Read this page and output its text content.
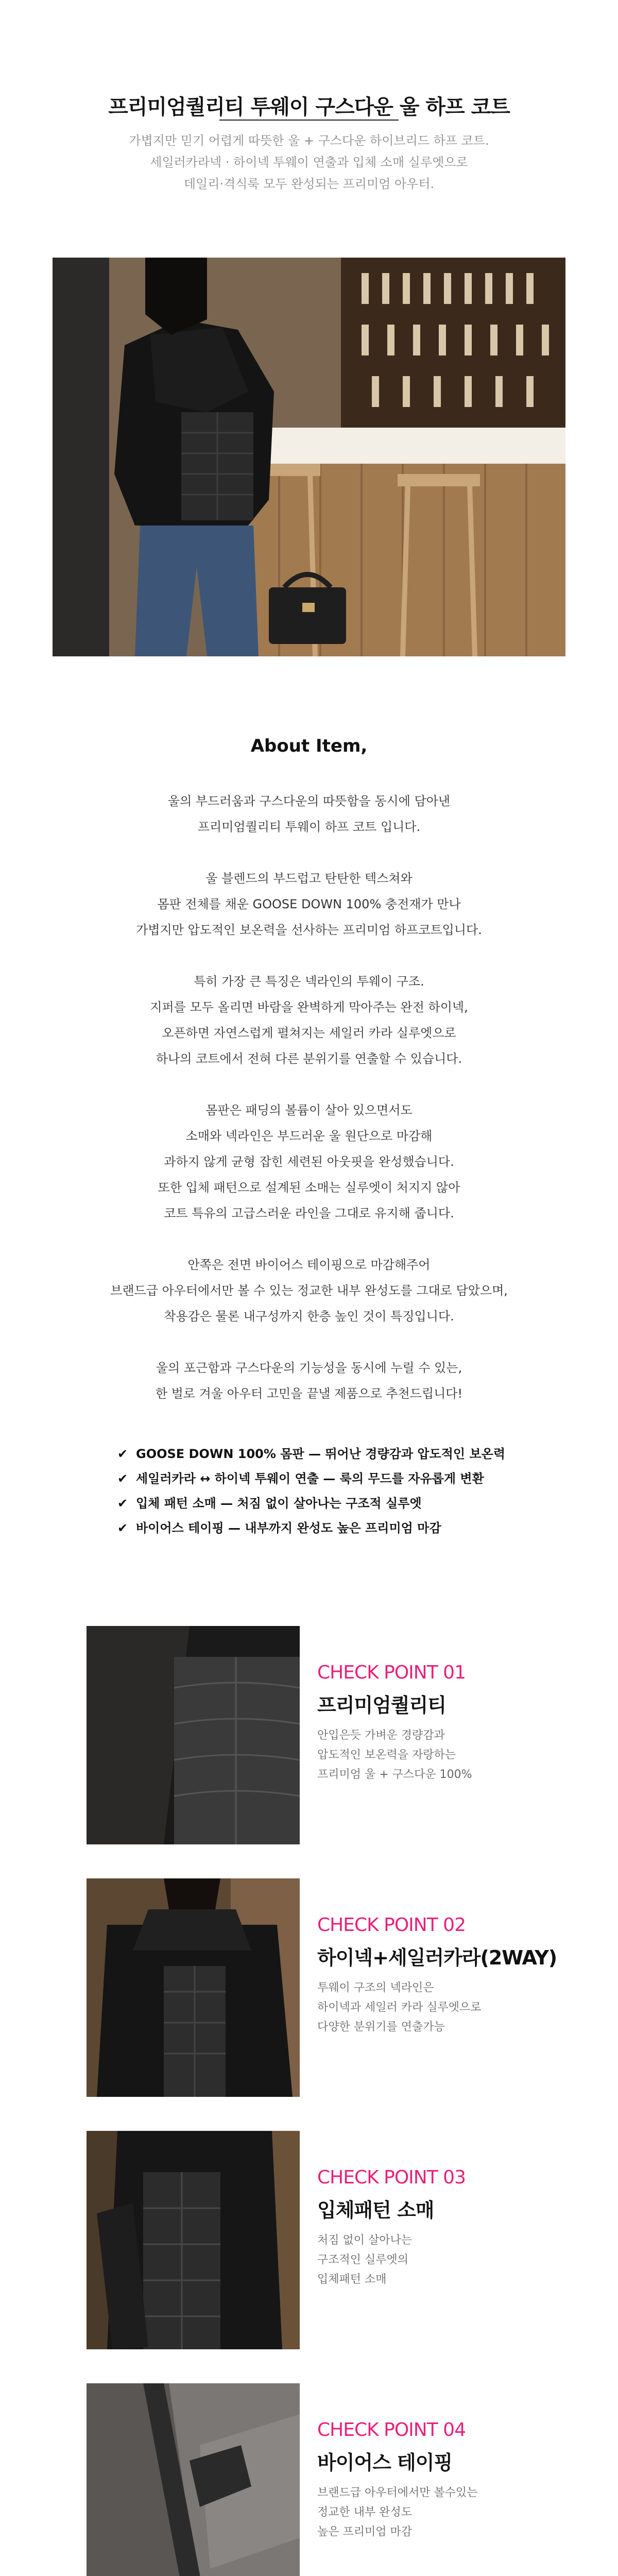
프리미엄퀄리티 투웨이 구스다운 울 하프 코트
가볍지만 믿기 어렵게 따뜻한 울 + 구스다운 하이브리드 하프 코트.
세일러카라넥 · 하이넥 투웨이 연출과 입체 소매 실루엣으로
데일리·격식룩 모두 완성되는 프리미엄 아우터.
About Item,

울의 부드러움과 구스다운의 따뜻함을 동시에 담아낸
프리미엄퀄리티 투웨이 하프 코트 입니다.

울 블렌드의 부드럽고 탄탄한 텍스쳐와
몸판 전체를 채운 GOOSE DOWN 100% 충전재가 만나
가볍지만 압도적인 보온력을 선사하는 프리미엄 하프코트입니다.

특히 가장 큰 특징은 넥라인의 투웨이 구조.
지퍼를 모두 올리면 바람을 완벽하게 막아주는 완전 하이넥,
오픈하면 자연스럽게 펼쳐지는 세일러 카라 실루엣으로
하나의 코트에서 전혀 다른 분위기를 연출할 수 있습니다.

몸판은 패딩의 볼륨이 살아 있으면서도
소매와 넥라인은 부드러운 울 원단으로 마감해
과하지 않게 균형 잡힌 세련된 아웃핏을 완성했습니다.
또한 입체 패턴으로 설계된 소매는 실루엣이 처지지 않아
코트 특유의 고급스러운 라인을 그대로 유지해 줍니다.

안쪽은 전면 바이어스 테이핑으로 마감해주어
브랜드급 아우터에서만 볼 수 있는 정교한 내부 완성도를 그대로 담았으며,
착용감은 물론 내구성까지 한층 높인 것이 특징입니다.

울의 포근함과 구스다운의 기능성을 동시에 누릴 수 있는,
한 벌로 겨울 아우터 고민을 끝낼 제품으로 추천드립니다!

✔ GOOSE DOWN 100% 몸판 — 뛰어난 경량감과 압도적인 보온력
✔ 세일러카라 ↔ 하이넥 투웨이 연출 — 룩의 무드를 자유롭게 변환
✔ 입체 패턴 소매 — 처짐 없이 살아나는 구조적 실루엣
✔ 바이어스 테이핑 — 내부까지 완성도 높은 프리미엄 마감
CHECK POINT 01
프리미엄퀄리티
안입은듯 가벼운 경량감과
압도적인 보온력을 자랑하는
프리미엄 울 + 구스다운 100%
CHECK POINT 02
하이넥+세일러카라(2WAY)
투웨이 구조의 넥라인은
하이넥과 세일러 카라 실루엣으로
다양한 분위기를 연출가능
CHECK POINT 03
입체패턴 소매
처짐 없이 살아나는
구조적인 실루엣의
입체패턴 소매
CHECK POINT 04
바이어스 테이핑
브랜드급 아우터에서만 볼수있는
정교한 내부 완성도
높은 프리미엄 마감
